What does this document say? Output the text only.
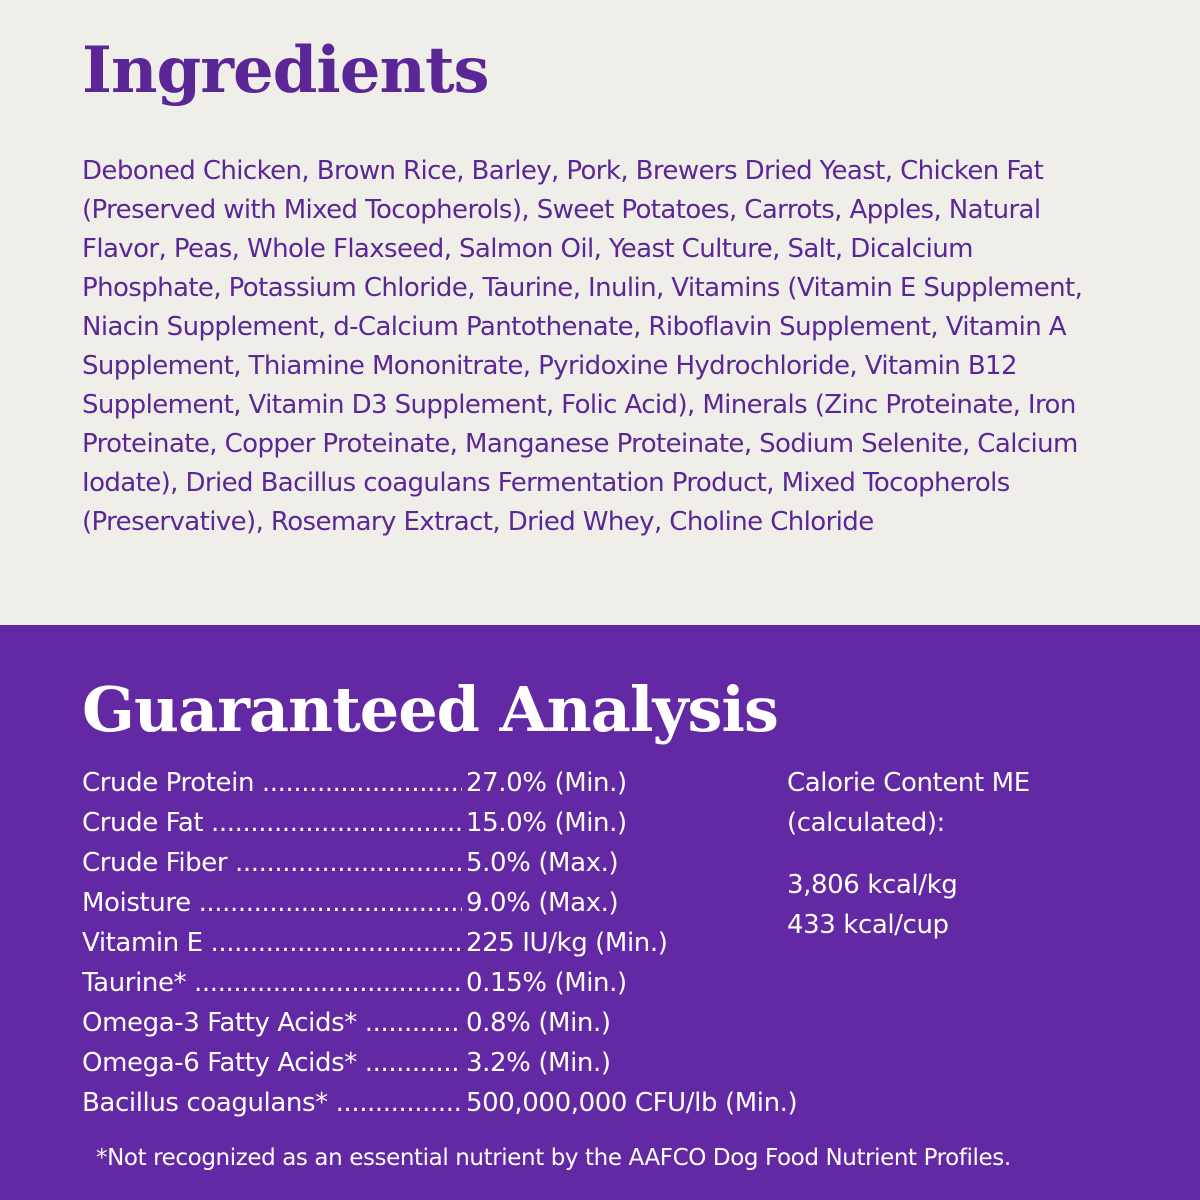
Ingredients
Deboned Chicken, Brown Rice, Barley, Pork, Brewers Dried Yeast, Chicken Fat (Preserved with Mixed Tocopherols), Sweet Potatoes, Carrots, Apples, Natural Flavor, Peas, Whole Flaxseed, Salmon Oil, Yeast Culture, Salt, Dicalcium Phosphate, Potassium Chloride, Taurine, Inulin, Vitamins (Vitamin E Supplement, Niacin Supplement, d-Calcium Pantothenate, Riboflavin Supplement, Vitamin A Supplement, Thiamine Mononitrate, Pyridoxine Hydrochloride, Vitamin B12 Supplement, Vitamin D3 Supplement, Folic Acid), Minerals (Zinc Proteinate, Iron Proteinate, Copper Proteinate, Manganese Proteinate, Sodium Selenite, Calcium Iodate), Dried Bacillus coagulans Fermentation Product, Mixed Tocopherols (Preservative), Rosemary Extract, Dried Whey, Choline Chloride
Guaranteed Analysis
Crude Protein .....	27.0% (Min.)
Crude Fat .....	15.0% (Min.)
Crude Fiber .....	5.0% (Max.)
Moisture .....	9.0% (Max.)
Vitamin E .....	225 IU/kg (Min.)
Taurine* .....	0.15% (Min.)
Omega-3 Fatty Acids* .....	0.8% (Min.)
Omega-6 Fatty Acids* .....	3.2% (Min.)
Bacillus coagulans* .....	500,000,000 CFU/lb (Min.)
Calorie Content ME
(calculated):
3,806 kcal/kg
433 kcal/cup
*Not recognized as an essential nutrient by the AAFCO Dog Food Nutrient Profiles.
